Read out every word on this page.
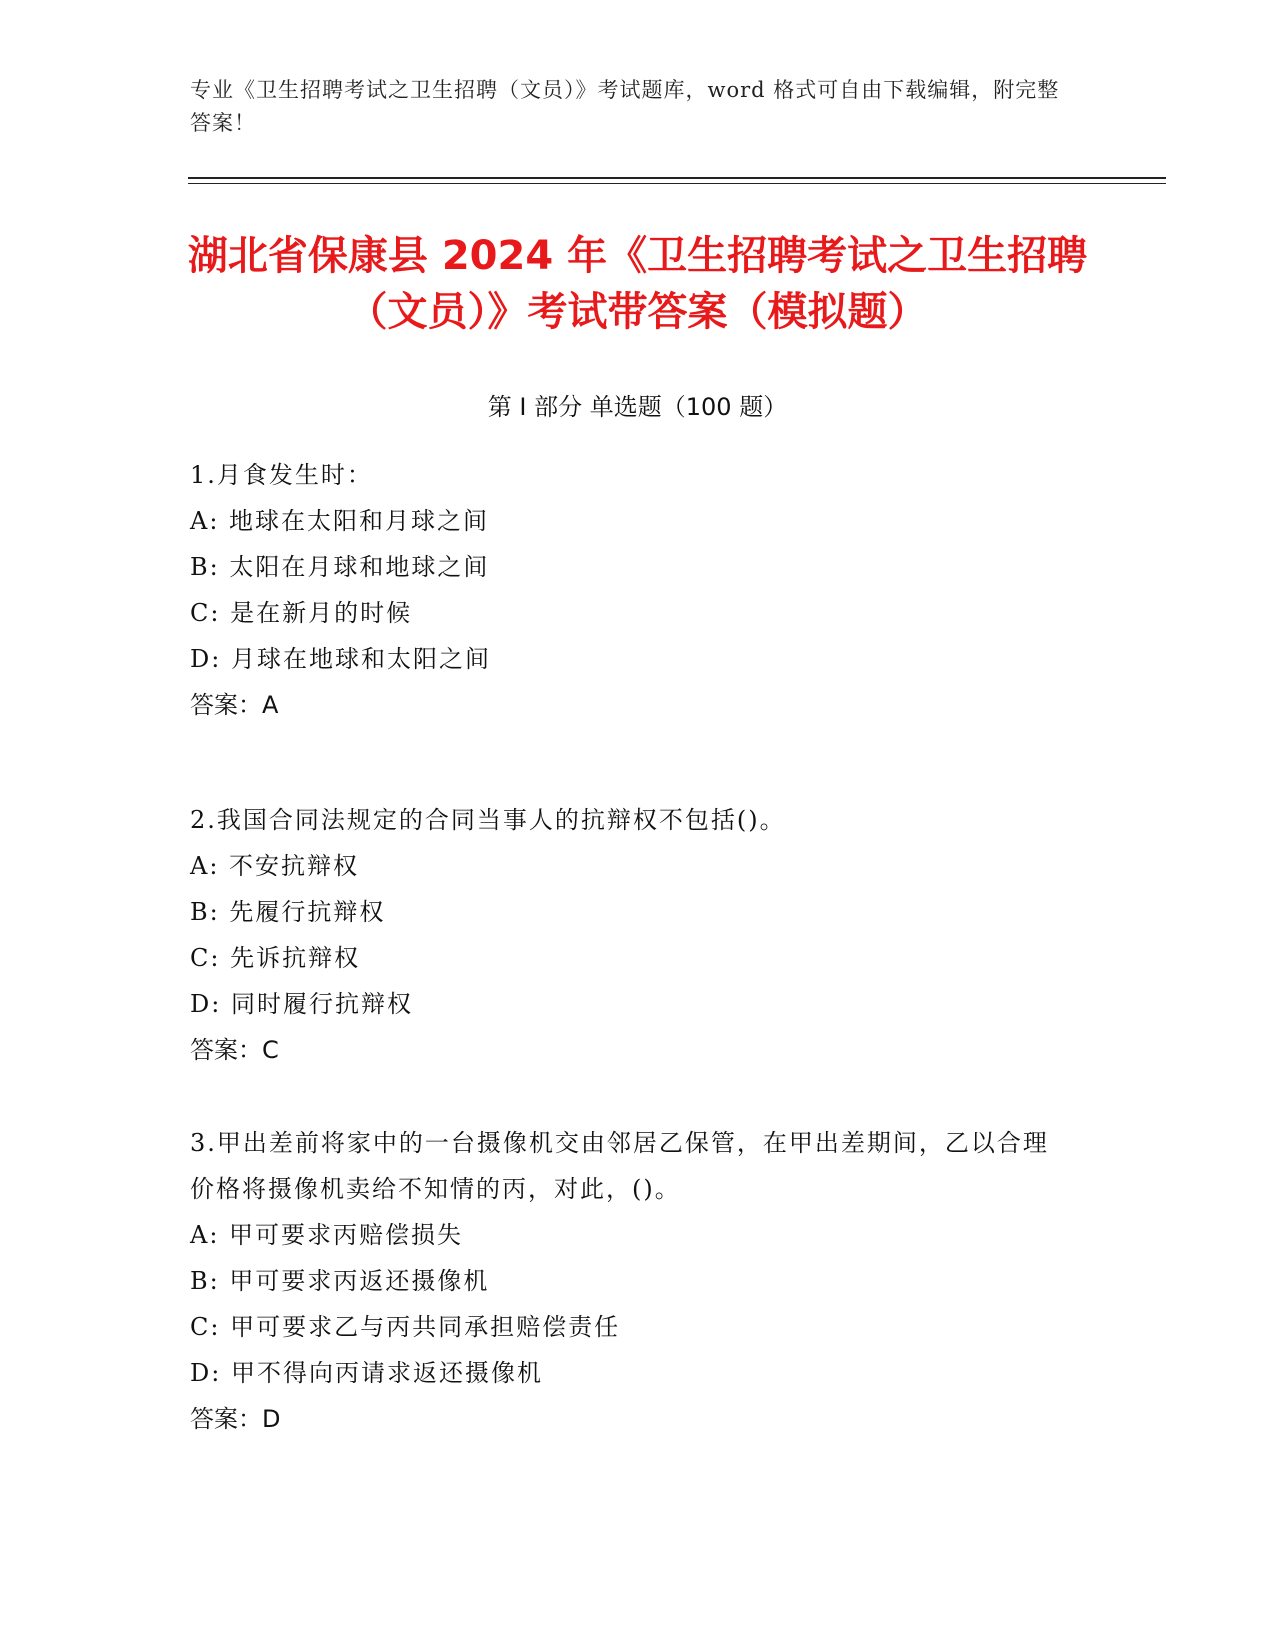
专业《卫生招聘考试之卫生招聘（文员）》考试题库，word 格式可自由下载编辑，附完整答案！
湖北省保康县 2024 年《卫生招聘考试之卫生招聘（文员）》考试带答案（模拟题）
第 I 部分 单选题（100 题）
1.月食发生时：
A: 地球在太阳和月球之间
B: 太阳在月球和地球之间
C: 是在新月的时候
D: 月球在地球和太阳之间
答案：A
2.我国合同法规定的合同当事人的抗辩权不包括()。
A: 不安抗辩权
B: 先履行抗辩权
C: 先诉抗辩权
D: 同时履行抗辩权
答案：C
3.甲出差前将家中的一台摄像机交由邻居乙保管，在甲出差期间，乙以合理价格将摄像机卖给不知情的丙，对此，()。
A: 甲可要求丙赔偿损失
B: 甲可要求丙返还摄像机
C: 甲可要求乙与丙共同承担赔偿责任
D: 甲不得向丙请求返还摄像机
答案：D
